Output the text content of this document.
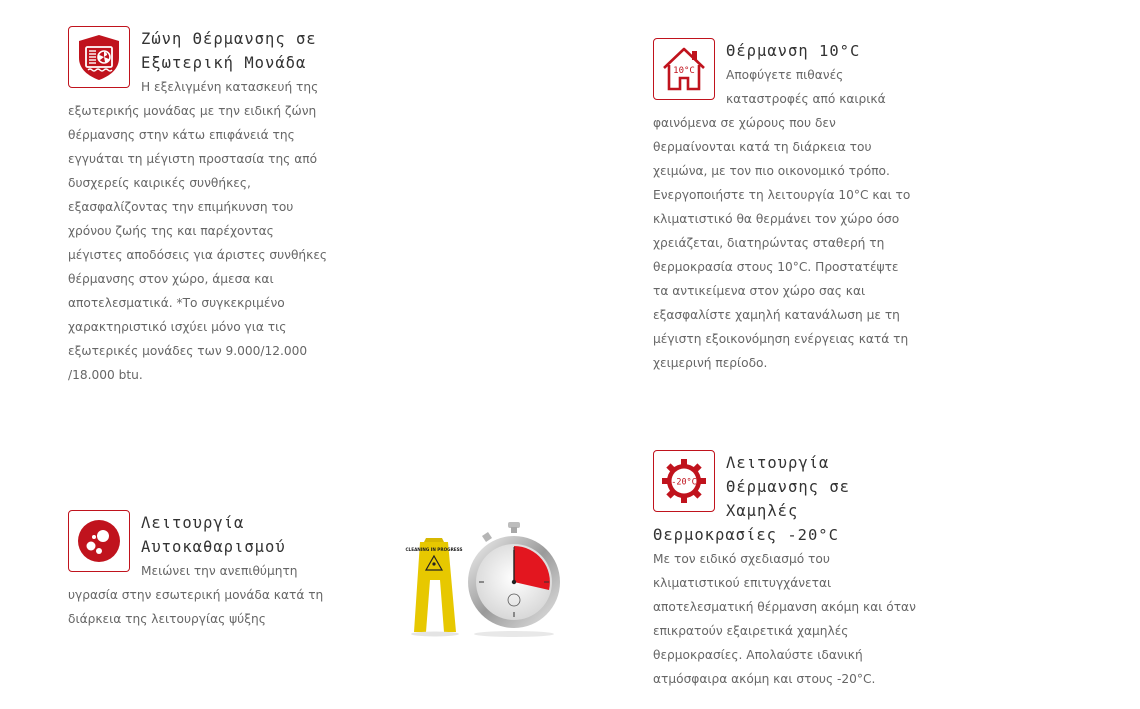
Ζώνη Θέρμανσης σε Εξωτερική Μονάδα
Η εξελιγμένη κατασκευή της εξωτερικής μονάδας με την ειδική ζώνη θέρμανσης στην κάτω επιφάνειά της εγγυάται τη μέγιστη προστασία της από δυσχερείς καιρικές συνθήκες, εξασφαλίζοντας την επιμήκυνση του χρόνου ζωής της και παρέχοντας μέγιστες αποδόσεις για άριστες συνθήκες θέρμανσης στον χώρο, άμεσα και αποτελεσματικά. *Το συγκεκριμένο χαρακτηριστικό ισχύει μόνο για τις εξωτερικές μονάδες των 9.000/12.000 /18.000 btu.
10°C
Θέρμανση 10°C
Αποφύγετε πιθανές καταστροφές από καιρικά φαινόμενα σε χώρους που δεν θερμαίνονται κατά τη διάρκεια του χειμώνα, με τον πιο οικονομικό τρόπο. Ενεργοποιήστε τη λειτουργία 10°C και το κλιματιστικό θα θερμάνει τον χώρο όσο χρειάζεται, διατηρώντας σταθερή τη θερμοκρασία στους 10°C. Προστατέψτε τα αντικείμενα στον χώρο σας και εξασφαλίστε χαμηλή κατανάλωση με τη μέγιστη εξοικονόμηση ενέργειας κατά τη χειμερινή περίοδο.
Λειτουργία Αυτοκαθαρισμού
Μειώνει την ανεπιθύμητη υγρασία στην εσωτερική μονάδα κατά τη διάρκεια της λειτουργίας ψύξης
CLEANING IN PROGRESS
-20°C
Λειτουργία Θέρμανσης σε Χαμηλές Θερμοκρασίες -20°C
Με τον ειδικό σχεδιασμό του κλιματιστικού επιτυγχάνεται αποτελεσματική θέρμανση ακόμη και όταν επικρατούν εξαιρετικά χαμηλές θερμοκρασίες. Απολαύστε ιδανική ατμόσφαιρα ακόμη και στους -20°C.
